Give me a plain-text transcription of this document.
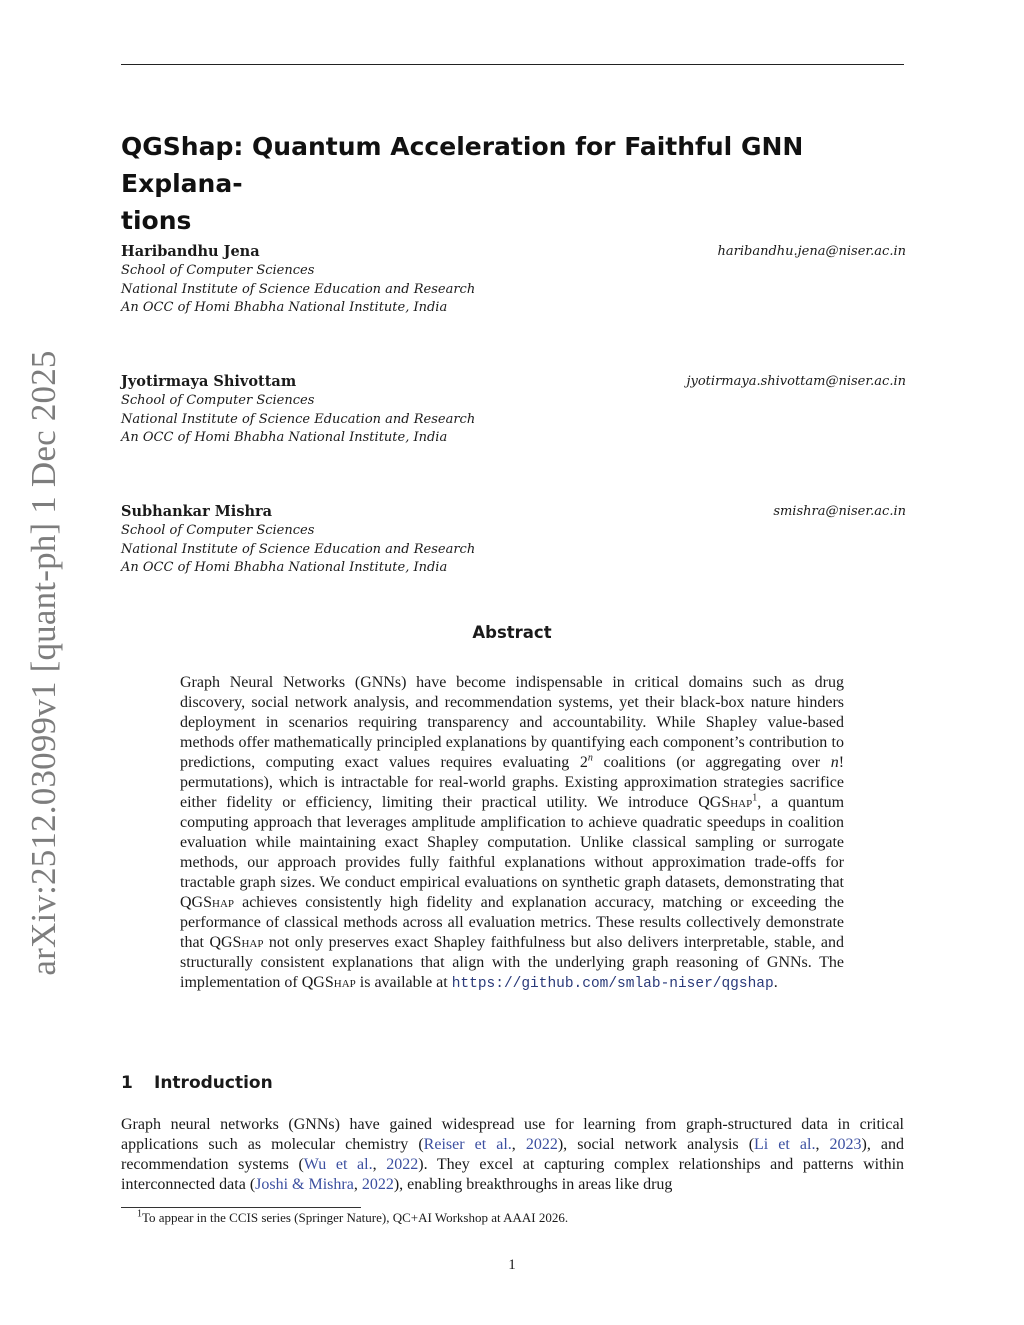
arXiv:2512.03099v1 [quant-ph] 1 Dec 2025
QGShap: Quantum Acceleration for Faithful GNN Explana-
tions
Haribandhu Jena	haribandhu.jena@niser.ac.in
School of Computer Sciences
National Institute of Science Education and Research
An OCC of Homi Bhabha National Institute, India
Jyotirmaya Shivottam	jyotirmaya.shivottam@niser.ac.in
School of Computer Sciences
National Institute of Science Education and Research
An OCC of Homi Bhabha National Institute, India
Subhankar Mishra	smishra@niser.ac.in
School of Computer Sciences
National Institute of Science Education and Research
An OCC of Homi Bhabha National Institute, India
Abstract
Graph Neural Networks (GNNs) have become indispensable in critical domains such as drug discovery, social network analysis, and recommendation systems, yet their black-box nature hinders deployment in scenarios requiring transparency and accountability. While Shapley value-based methods offer mathematically principled explanations by quantifying each component’s contribution to predictions, computing exact values requires evaluating 2$^n$ coalitions (or aggregating over n! permutations), which is intractable for real-world graphs. Existing approximation strategies sacrifice either fidelity or efficiency, limiting their practical utility. We introduce QGShap$^1$, a quantum computing approach that leverages amplitude amplification to achieve quadratic speedups in coalition evaluation while maintaining exact Shapley computation. Unlike classical sampling or surrogate methods, our approach provides fully faithful explanations without approximation trade-offs for tractable graph sizes. We conduct empirical evaluations on synthetic graph datasets, demonstrating that QGShap achieves consistently high fidelity and explanation accuracy, matching or exceeding the performance of classical methods across all evaluation metrics. These results collectively demonstrate that QGShap not only preserves exact Shapley faithfulness but also delivers interpretable, stable, and structurally consistent explanations that align with the underlying graph reasoning of GNNs. The implementation of QGShap is available at https://github.com/smlab-niser/qgshap.
1 Introduction
Graph neural networks (GNNs) have gained widespread use for learning from graph-structured data in critical applications such as molecular chemistry (Reiser et al., 2022), social network analysis (Li et al., 2023), and recommendation systems (Wu et al., 2022). They excel at capturing complex relationships and patterns within interconnected data (Joshi & Mishra, 2022), enabling breakthroughs in areas like drug
$^1$To appear in the CCIS series (Springer Nature), QC+AI Workshop at AAAI 2026.
1
